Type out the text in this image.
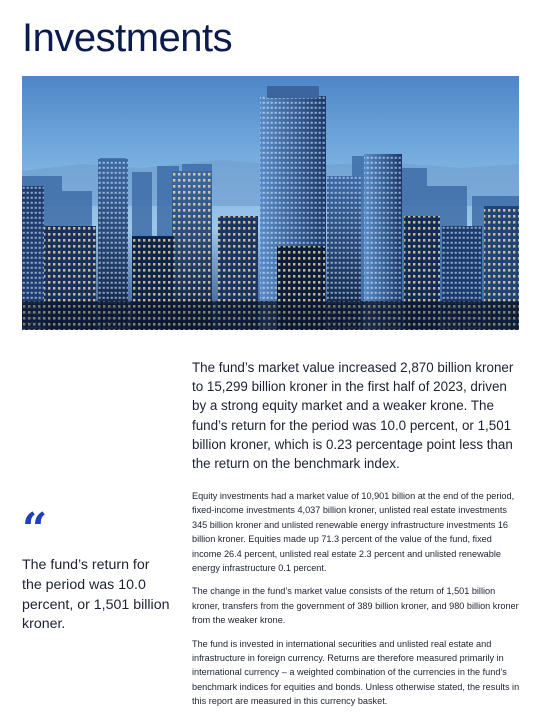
Investments
The fund’s market value increased 2,870 billion kroner to 15,299 billion kroner in the first half of 2023, driven by a strong equity market and a weaker krone. The fund’s return for the period was 10.0 percent, or 1,501 billion kroner, which is 0.23 percentage point less than the return on the benchmark index.
“
The fund’s return for the period was 10.0 percent, or 1,501 billion kroner.

Equity investments had a market value of 10,901 billion at the end of the period, fixed-income investments 4,037 billion kroner, unlisted real estate investments 345 billion kroner and unlisted renewable energy infrastructure investments 16 billion kroner. Equities made up 71.3 percent of the value of the fund, fixed income 26.4 percent, unlisted real estate 2.3 percent and unlisted renewable energy infrastructure 0.1 percent.

The change in the fund’s market value consists of the return of 1,501 billion kroner, transfers from the government of 389 billion kroner, and 980 billion kroner from the weaker krone.

The fund is invested in international securities and unlisted real estate and infrastructure in foreign currency. Returns are therefore measured primarily in international currency – a weighted combination of the currencies in the fund’s benchmark indices for equities and bonds. Unless otherwise stated, the results in this report are measured in this currency basket.
